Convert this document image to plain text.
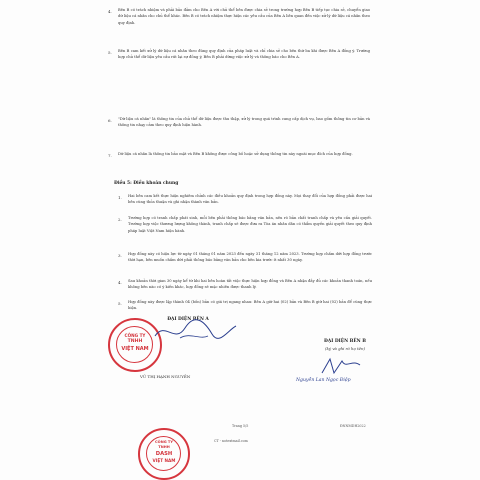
4. Bên B có trách nhiệm và phải bảo đảm cho Bên A với chủ thể bên được chia sẻ trong trường hợp Bên B tiếp tục chia sẻ, chuyển giao dữ liệu cá nhân cho chủ thể khác. Bên B có trách nhiệm thực hiện các yêu cầu của Bên A liên quan đến việc xử lý dữ liệu cá nhân theo quy định.
5. Bên B cam kết xử lý dữ liệu cá nhân theo đúng quy định của pháp luật và chỉ chia sẻ cho bên thứ ba khi được Bên A đồng ý. Trường hợp chủ thể dữ liệu yêu cầu rút lại sự đồng ý, Bên B phải dừng việc xử lý và thông báo cho Bên A.
6. "Dữ liệu cá nhân" là thông tin của chủ thể dữ liệu được thu thập, xử lý trong quá trình cung cấp dịch vụ, bao gồm thông tin cơ bản và thông tin nhạy cảm theo quy định hiện hành.
7. Dữ liệu cá nhân là thông tin bảo mật và Bên B không được công bố hoặc sử dụng thông tin này ngoài mục đích của hợp đồng.
Điều 5: Điều khoản chung
1. Hai bên cam kết thực hiện nghiêm chỉnh các điều khoản quy định trong hợp đồng này. Mọi thay đổi của hợp đồng phải được hai bên cùng thỏa thuận và ghi nhận thành văn bản.
2. Trường hợp có tranh chấp phát sinh, mỗi bên phải thông báo bằng văn bản, nêu rõ bản chất tranh chấp và yêu cầu giải quyết. Trường hợp việc thương lượng không thành, tranh chấp sẽ được đưa ra Tòa án nhân dân có thẩm quyền giải quyết theo quy định pháp luật Việt Nam hiện hành.
3. Hợp đồng này có hiệu lực từ ngày 01 tháng 01 năm 2023 đến ngày 31 tháng 12 năm 2023. Trường hợp chấm dứt hợp đồng trước thời hạn, bên muốn chấm dứt phải thông báo bằng văn bản cho bên kia trước ít nhất 30 ngày.
4. Sau khoản thời gian 30 ngày kể từ khi hai bên hoàn tất việc thực hiện hợp đồng và Bên A nhận đầy đủ các khoản thanh toán, nếu không bên nào có ý kiến khác, hợp đồng sẽ mặc nhiên được thanh lý.
5. Hợp đồng này được lập thành 04 (bốn) bản có giá trị ngang nhau: Bên A giữ hai (02) bản và Bên B giữ hai (02) bản để cùng thực hiện.
ĐẠI DIỆN BÊN A
CÔNG TY
TNHH
VIỆT NAM
VŨ THỊ HẠNH NGUYÊN
ĐẠI DIỆN BÊN B
(ký và ghi rõ họ tên)
Nguyễn Lan Ngọc Điệp
CÔNG TY
TNHH
DASH
VIỆT NAM
Trang 5/5
CT - notextmail.com
ĐNNMDH2022
